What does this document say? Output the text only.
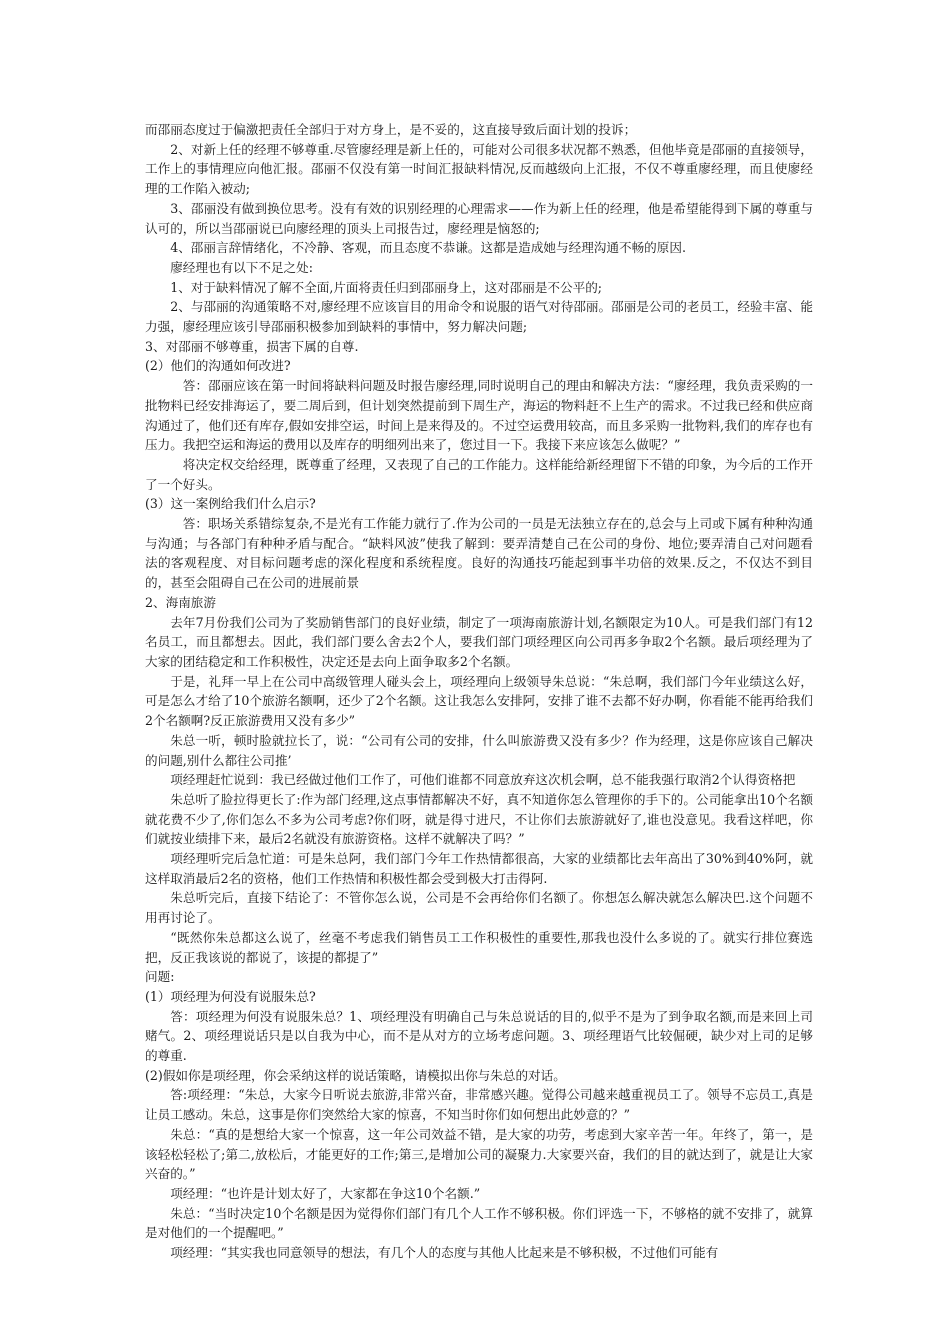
而邵丽态度过于偏激把责任全部归于对方身上，是不妥的，这直接导致后面计划的投诉；

2、对新上任的经理不够尊重.尽管廖经理是新上任的，可能对公司很多状况都不熟悉，但他毕竟是邵丽的直接领导，工作上的事情理应向他汇报。邵丽不仅没有第一时间汇报缺料情况,反而越级向上汇报，不仅不尊重廖经理，而且使廖经理的工作陷入被动;

3、邵丽没有做到换位思考。没有有效的识别经理的心理需求——作为新上任的经理，他是希望能得到下属的尊重与认可的，所以当邵丽说已向廖经理的顶头上司报告过，廖经理是恼怒的;

4、邵丽言辞情绪化，不冷静、客观，而且态度不恭谦。这都是造成她与经理沟通不畅的原因.

廖经理也有以下不足之处:

1、对于缺料情况了解不全面,片面将责任归到邵丽身上，这对邵丽是不公平的;

2、与邵丽的沟通策略不对,廖经理不应该盲目的用命令和说服的语气对待邵丽。邵丽是公司的老员工，经验丰富、能力强，廖经理应该引导邵丽积极参加到缺料的事情中，努力解决问题;

3、对邵丽不够尊重，损害下属的自尊.

(2）他们的沟通如何改进?

答：邵丽应该在第一时间将缺料问题及时报告廖经理,同时说明自己的理由和解决方法：“廖经理，我负责采购的一批物料已经安排海运了，要二周后到，但计划突然提前到下周生产，海运的物料赶不上生产的需求。不过我已经和供应商沟通过了，他们还有库存,假如安排空运，时间上是来得及的。不过空运费用较高，而且多采购一批物料,我们的库存也有压力。我把空运和海运的费用以及库存的明细列出来了，您过目一下。我接下来应该怎么做呢？”

将决定权交给经理，既尊重了经理，又表现了自己的工作能力。这样能给新经理留下不错的印象，为今后的工作开了一个好头。

(3）这一案例给我们什么启示?

答：职场关系错综复杂,不是光有工作能力就行了.作为公司的一员是无法独立存在的,总会与上司或下属有种种沟通与沟通；与各部门有种种矛盾与配合。“缺料风波”使我了解到：要弄清楚自己在公司的身份、地位;要弄清自己对问题看法的客观程度、对目标问题考虑的深化程度和系统程度。良好的沟通技巧能起到事半功倍的效果.反之，不仅达不到目的，甚至会阻碍自己在公司的进展前景

2、海南旅游

去年7月份我们公司为了奖励销售部门的良好业绩，制定了一项海南旅游计划,名额限定为10人。可是我们部门有12名员工，而且都想去。因此，我们部门要么舍去2个人，要我们部门项经理区向公司再多争取2个名额。最后项经理为了大家的团结稳定和工作积极性，决定还是去向上面争取多2个名额。

于是，礼拜一早上在公司中高级管理人碰头会上，项经理向上级领导朱总说：“朱总啊，我们部门今年业绩这么好，可是怎么才给了10个旅游名额啊，还少了2个名额。这让我怎么安排阿，安排了谁不去都不好办啊，你看能不能再给我们2个名额啊?反正旅游费用又没有多少”

朱总一听，顿时脸就拉长了，说：“公司有公司的安排，什么叫旅游费又没有多少？作为经理，这是你应该自己解决的问题,别什么都往公司推’

项经理赶忙说到：我已经做过他们工作了，可他们谁都不同意放弃这次机会啊，总不能我强行取消2个认得资格把

朱总听了脸拉得更长了:作为部门经理,这点事情都解决不好，真不知道你怎么管理你的手下的。公司能拿出10个名额就花费不少了,你们怎么不多为公司考虑?你们呀，就是得寸进尺，不让你们去旅游就好了,谁也没意见。我看这样吧，你们就按业绩排下来，最后2名就没有旅游资格。这样不就解决了吗？”

项经理听完后急忙道：可是朱总阿，我们部门今年工作热情都很高，大家的业绩都比去年高出了30%到40%阿，就这样取消最后2名的资格，他们工作热情和积极性都会受到极大打击得阿.

朱总听完后，直接下结论了：不管你怎么说，公司是不会再给你们名额了。你想怎么解决就怎么解决巴.这个问题不用再讨论了。

“既然你朱总都这么说了，丝毫不考虑我们销售员工工作积极性的重要性,那我也没什么多说的了。就实行排位赛选把，反正我该说的都说了，该提的都提了”

问题:

(1）项经理为何没有说服朱总?

答：项经理为何没有说服朱总？1、项经理没有明确自己与朱总说话的目的,似乎不是为了到争取名额,而是来回上司赌气。2、项经理说话只是以自我为中心，而不是从对方的立场考虑问题。3、项经理语气比较倔硬，缺少对上司的足够的尊重.

(2)假如你是项经理，你会采纳这样的说话策略，请模拟出你与朱总的对话。

答:项经理：“朱总，大家今日听说去旅游,非常兴奋，非常感兴趣。觉得公司越来越重视员工了。领导不忘员工,真是让员工感动。朱总，这事是你们突然给大家的惊喜，不知当时你们如何想出此妙意的？”

朱总：“真的是想给大家一个惊喜，这一年公司效益不错，是大家的功劳，考虑到大家辛苦一年。年终了，第一，是该轻松轻松了;第二,放松后，才能更好的工作;第三,是增加公司的凝聚力.大家要兴奋，我们的目的就达到了，就是让大家兴奋的。”

项经理：“也许是计划太好了，大家都在争这10个名额.”

朱总：“当时决定10个名额是因为觉得你们部门有几个人工作不够积极。你们评选一下，不够格的就不安排了，就算是对他们的一个提醒吧。”

项经理：“其实我也同意领导的想法，有几个人的态度与其他人比起来是不够积极，不过他们可能有
